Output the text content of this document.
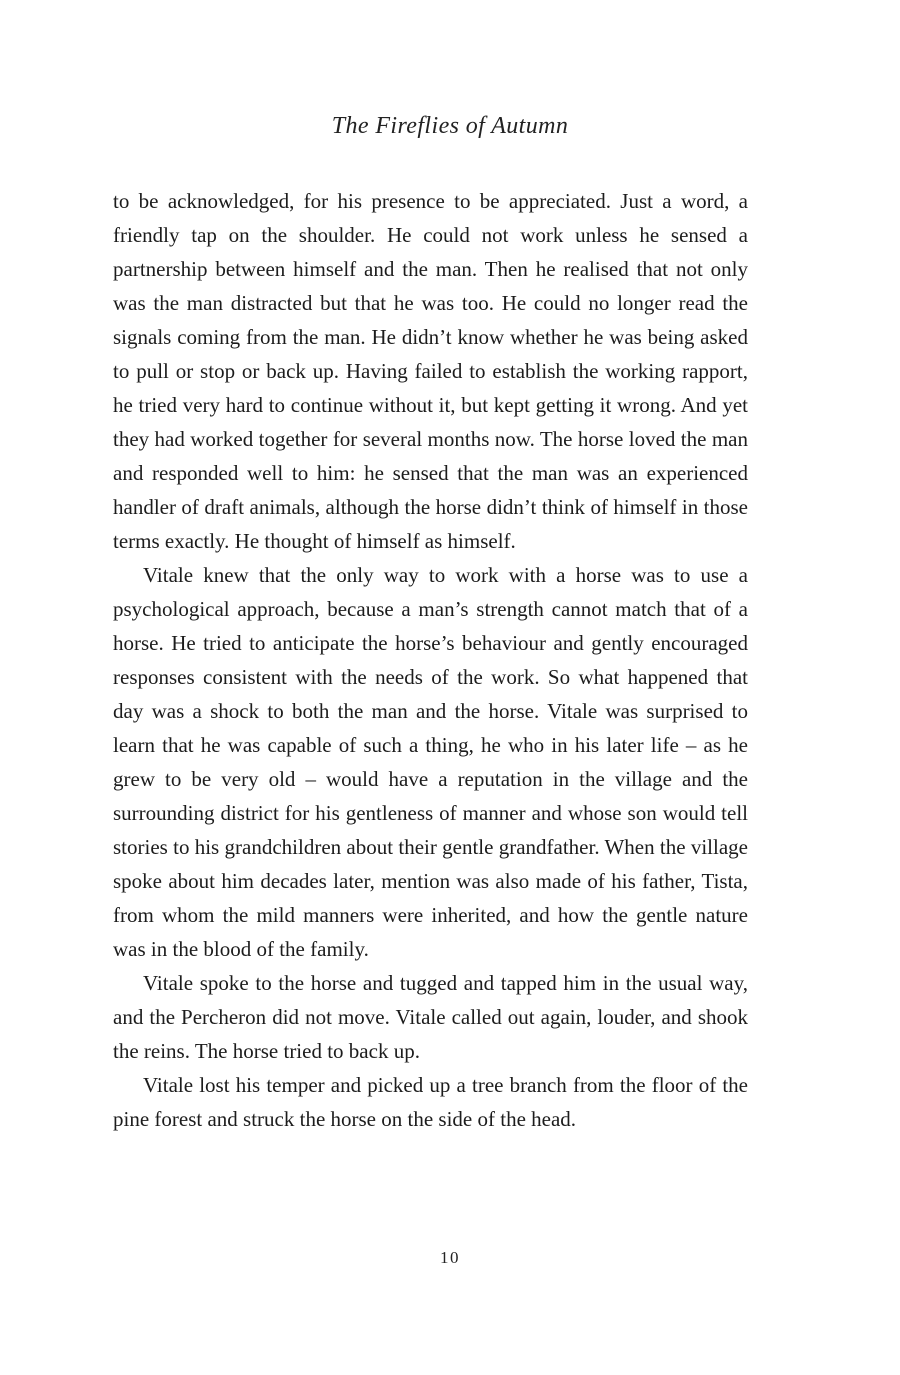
The Fireflies of Autumn

to be acknowledged, for his presence to be appreciated. Just a word, a friendly tap on the shoulder. He could not work unless he sensed a partnership between himself and the man. Then he realised that not only was the man distracted but that he was too. He could no longer read the signals coming from the man. He didn’t know whether he was being asked to pull or stop or back up. Having failed to establish the working rapport, he tried very hard to continue without it, but kept getting it wrong. And yet they had worked together for several months now. The horse loved the man and responded well to him: he sensed that the man was an experienced handler of draft animals, although the horse didn’t think of himself in those terms exactly. He thought of himself as himself.

Vitale knew that the only way to work with a horse was to use a psychological approach, because a man’s strength cannot match that of a horse. He tried to anticipate the horse’s behaviour and gently encouraged responses consistent with the needs of the work. So what happened that day was a shock to both the man and the horse. Vitale was surprised to learn that he was capable of such a thing, he who in his later life – as he grew to be very old – would have a reputation in the village and the surrounding district for his gentleness of manner and whose son would tell stories to his grandchildren about their gentle grandfather. When the village spoke about him decades later, mention was also made of his father, Tista, from whom the mild manners were inherited, and how the gentle nature was in the blood of the family.

Vitale spoke to the horse and tugged and tapped him in the usual way, and the Percheron did not move. Vitale called out again, louder, and shook the reins. The horse tried to back up.

Vitale lost his temper and picked up a tree branch from the floor of the pine forest and struck the horse on the side of the head.

10
